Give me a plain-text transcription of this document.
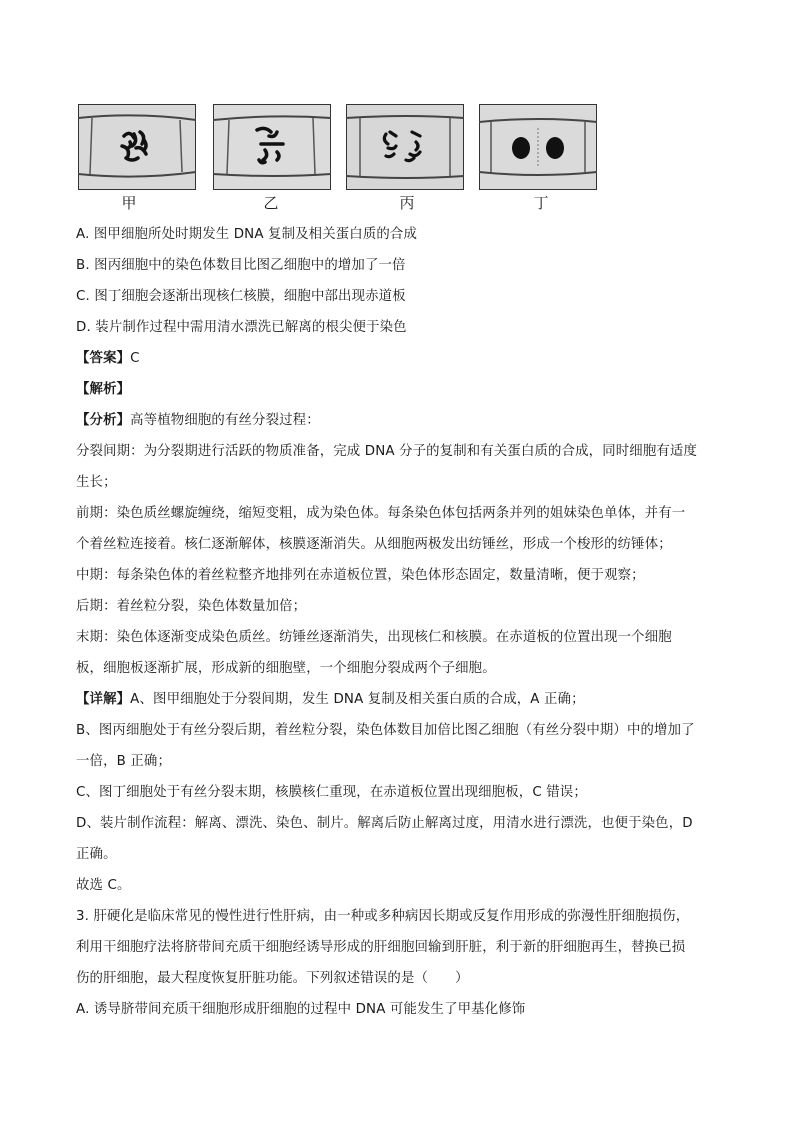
甲	乙	丙	丁
A. 图甲细胞所处时期发生 DNA 复制及相关蛋白质的合成
B. 图丙细胞中的染色体数目比图乙细胞中的增加了一倍
C. 图丁细胞会逐渐出现核仁核膜，细胞中部出现赤道板
D. 装片制作过程中需用清水漂洗已解离的根尖便于染色
【答案】C
【解析】
【分析】高等植物细胞的有丝分裂过程：
分裂间期：为分裂期进行活跃的物质准备，完成 DNA 分子的复制和有关蛋白质的合成，同时细胞有适度
生长；
前期：染色质丝螺旋缠绕，缩短变粗，成为染色体。每条染色体包括两条并列的姐妹染色单体，并有一
个着丝粒连接着。核仁逐渐解体，核膜逐渐消失。从细胞两极发出纺锤丝，形成一个梭形的纺锤体；
中期：每条染色体的着丝粒整齐地排列在赤道板位置，染色体形态固定，数量清晰，便于观察；
后期：着丝粒分裂，染色体数量加倍；
末期：染色体逐渐变成染色质丝。纺锤丝逐渐消失，出现核仁和核膜。在赤道板的位置出现一个细胞
板，细胞板逐渐扩展，形成新的细胞壁，一个细胞分裂成两个子细胞。
【详解】A、图甲细胞处于分裂间期，发生 DNA 复制及相关蛋白质的合成，A 正确；
B、图丙细胞处于有丝分裂后期，着丝粒分裂，染色体数目加倍比图乙细胞（有丝分裂中期）中的增加了
一倍，B 正确；
C、图丁细胞处于有丝分裂末期，核膜核仁重现，在赤道板位置出现细胞板，C 错误；
D、装片制作流程：解离、漂洗、染色、制片。解离后防止解离过度，用清水进行漂洗，也便于染色，D
正确。
故选 C。
3. 肝硬化是临床常见的慢性进行性肝病，由一种或多种病因长期或反复作用形成的弥漫性肝细胞损伤，
利用干细胞疗法将脐带间充质干细胞经诱导形成的肝细胞回输到肝脏，利于新的肝细胞再生，替换已损
伤的肝细胞，最大程度恢复肝脏功能。下列叙述错误的是（　　）
A. 诱导脐带间充质干细胞形成肝细胞的过程中 DNA 可能发生了甲基化修饰
